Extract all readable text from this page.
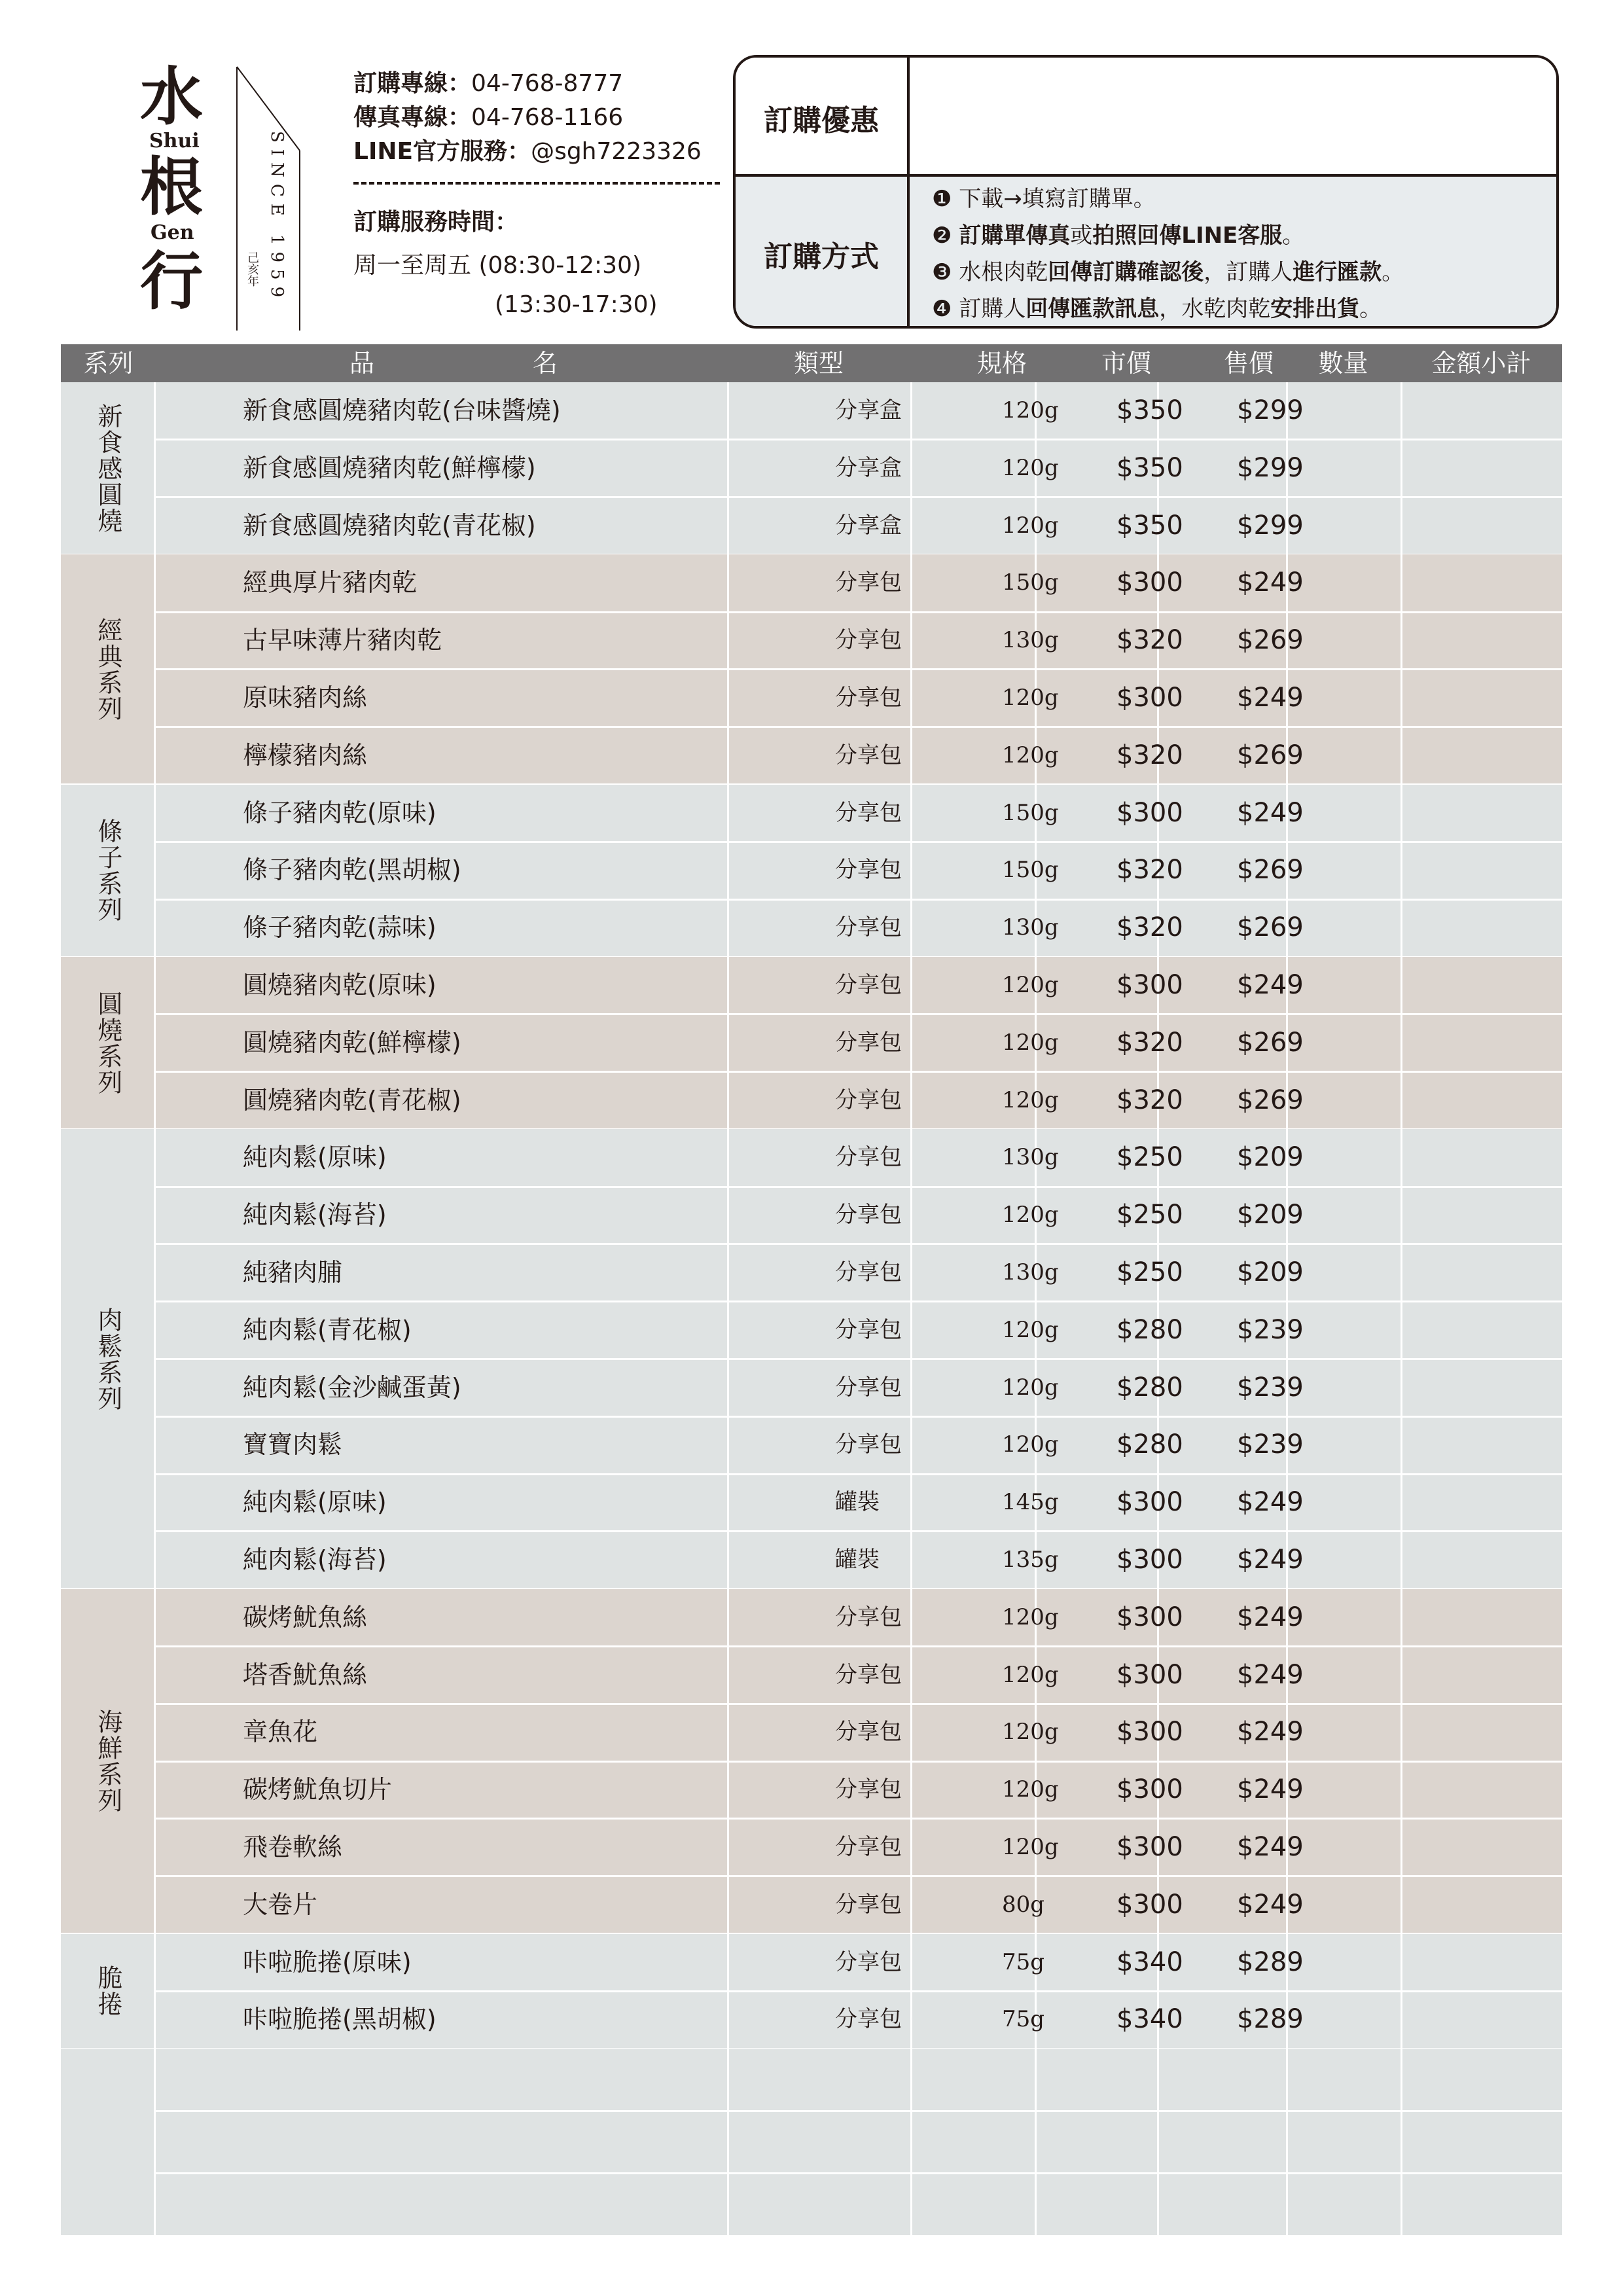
水
Shui
根
Gen
行	SINCE 1959
己亥年
訂購專線：04-768-8777
傳真專線：04-768-1166
LINE官方服務：@sgh7223326
訂購服務時間：
周一至周五 (08:30-12:30)
(13:30-17:30)
訂購優惠
訂購方式
❶ 下載→填寫訂購單。
❷ 訂購單傳真或拍照回傳LINE客服。
❸ 水根肉乾回傳訂購確認後，訂購人進行匯款。
❹ 訂購人回傳匯款訊息，水乾肉乾安排出貨。
系列	品	名	類型	規格	市價	售價	數量	金額小計
新食感圓燒	新食感圓燒豬肉乾(台味醬燒)	分享盒	120g $350 $299
新食感圓燒豬肉乾(鮮檸檬)	分享盒	120g $350 $299
新食感圓燒豬肉乾(青花椒)	分享盒	120g $350 $299
經典系列
經典厚片豬肉乾	分享包	150g $300 $249
古早味薄片豬肉乾	分享包	130g $320 $269
原味豬肉絲	分享包	120g $300 $249
檸檬豬肉絲	分享包	120g $320 $269
條子系列
條子豬肉乾(原味)	分享包	150g $300 $249
條子豬肉乾(黑胡椒)	分享包	150g $320 $269
條子豬肉乾(蒜味)	分享包	130g $320 $269
圓燒系列
圓燒豬肉乾(原味)	分享包	120g $300 $249
圓燒豬肉乾(鮮檸檬)	分享包	120g $320 $269
圓燒豬肉乾(青花椒)	分享包	120g $320 $269
肉鬆系列
純肉鬆(原味)	分享包	130g $250 $209
純肉鬆(海苔)	分享包	120g $250 $209
純豬肉脯	分享包	130g $250 $209
純肉鬆(青花椒)	分享包	120g $280 $239
純肉鬆(金沙鹹蛋黃)	分享包	120g $280 $239
寶寶肉鬆	分享包	120g $280 $239
純肉鬆(原味)	罐裝	145g $300 $249
純肉鬆(海苔)	罐裝	135g $300 $249
海鮮系列
碳烤魷魚絲	分享包	120g $300 $249
塔香魷魚絲	分享包	120g $300 $249
章魚花	分享包	120g $300 $249
碳烤魷魚切片	分享包	120g $300 $249
飛卷軟絲	分享包	120g $300 $249
大卷片	分享包	80g	$300 $249
脆捲
咔啦脆捲(原味)	分享包	75g	$340 $289
咔啦脆捲(黑胡椒)	分享包	75g	$340 $289
